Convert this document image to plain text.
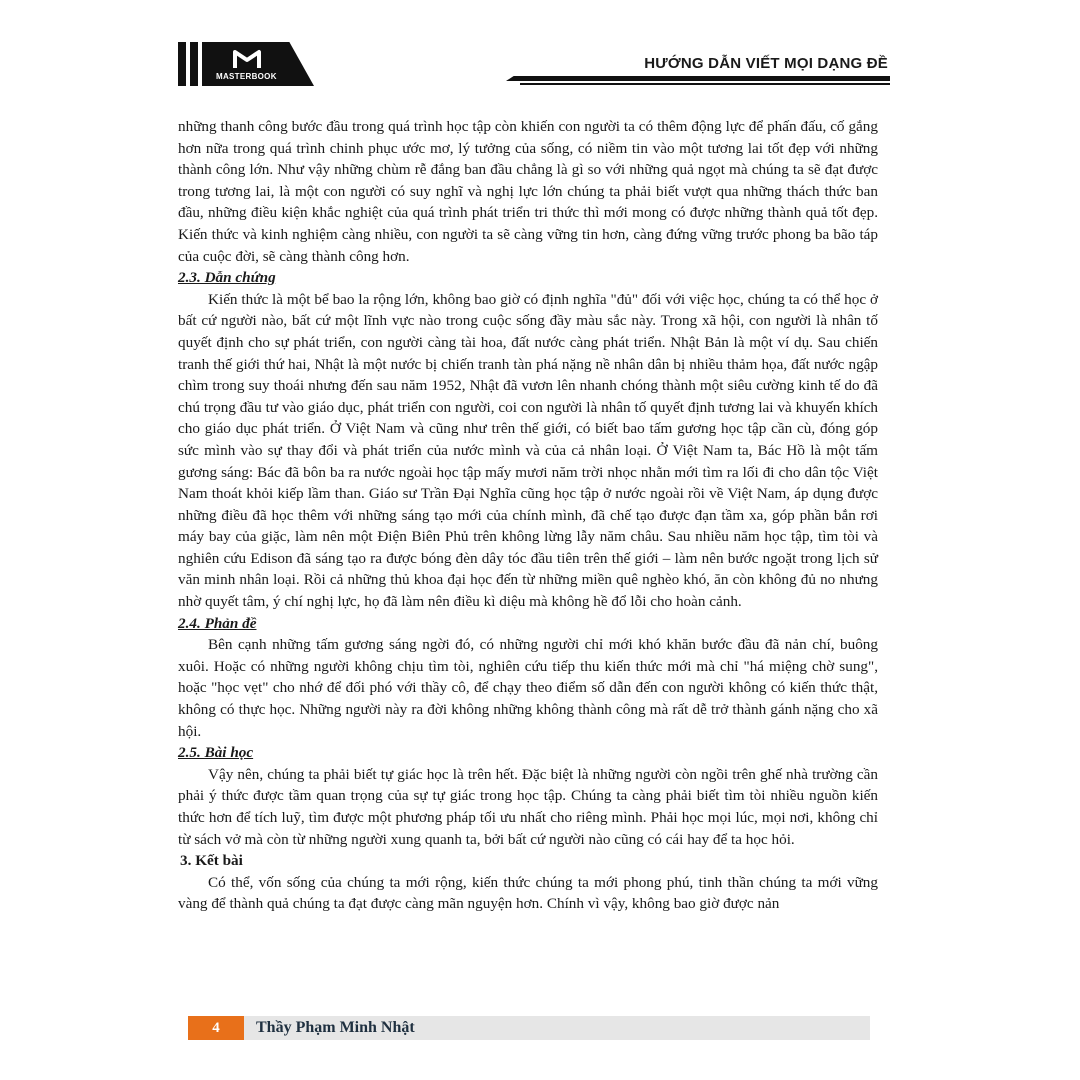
MASTERBOOK
HƯỚNG DẪN VIẾT MỌI DẠNG ĐỀ

những thanh công bước đầu trong quá trình học tập còn khiến con người ta có thêm động lực để phấn đấu, cố gắng hơn nữa trong quá trình chinh phục ước mơ, lý tưởng của sống, có niềm tin vào một tương lai tốt đẹp với những thành công lớn. Như vậy những chùm rễ đắng ban đầu chẳng là gì so với những quả ngọt mà chúng ta sẽ đạt được trong tương lai, là một con người có suy nghĩ và nghị lực lớn chúng ta phải biết vượt qua những thách thức ban đầu, những điều kiện khắc nghiệt của quá trình phát triển tri thức thì mới mong có được những thành quả tốt đẹp. Kiến thức và kinh nghiệm càng nhiều, con người ta sẽ càng vững tin hơn, càng đứng vững trước phong ba bão táp của cuộc đời, sẽ càng thành công hơn.

2.3. Dẫn chứng

Kiến thức là một bể bao la rộng lớn, không bao giờ có định nghĩa "đủ" đối với việc học, chúng ta có thể học ở bất cứ người nào, bất cứ một lĩnh vực nào trong cuộc sống đầy màu sắc này. Trong xã hội, con người là nhân tố quyết định cho sự phát triển, con người càng tài hoa, đất nước càng phát triển. Nhật Bản là một ví dụ. Sau chiến tranh thế giới thứ hai, Nhật là một nước bị chiến tranh tàn phá nặng nề nhân dân bị nhiều thảm họa, đất nước ngập chìm trong suy thoái nhưng đến sau năm 1952, Nhật đã vươn lên nhanh chóng thành một siêu cường kinh tế do đã chú trọng đầu tư vào giáo dục, phát triển con người, coi con người là nhân tố quyết định tương lai và khuyến khích cho giáo dục phát triển. Ở Việt Nam và cũng như trên thế giới, có biết bao tấm gương học tập cần cù, đóng góp sức mình vào sự thay đổi và phát triển của nước mình và của cả nhân loại. Ở Việt Nam ta, Bác Hồ là một tấm gương sáng: Bác đã bôn ba ra nước ngoài học tập mấy mươi năm trời nhọc nhằn mới tìm ra lối đi cho dân tộc Việt Nam thoát khỏi kiếp lầm than. Giáo sư Trần Đại Nghĩa cũng học tập ở nước ngoài rồi về Việt Nam, áp dụng được những điều đã học thêm với những sáng tạo mới của chính mình, đã chế tạo được đạn tầm xa, góp phần bắn rơi máy bay của giặc, làm nên một Điện Biên Phủ trên không lừng lẫy năm châu. Sau nhiều năm học tập, tìm tòi và nghiên cứu Edison đã sáng tạo ra được bóng đèn dây tóc đầu tiên trên thế giới – làm nên bước ngoặt trong lịch sử văn minh nhân loại. Rồi cả những thủ khoa đại học đến từ những miền quê nghèo khó, ăn còn không đủ no nhưng nhờ quyết tâm, ý chí nghị lực, họ đã làm nên điều kì diệu mà không hề đổ lỗi cho hoàn cảnh.

2.4. Phản đề

Bên cạnh những tấm gương sáng ngời đó, có những người chỉ mới khó khăn bước đầu đã nản chí, buông xuôi. Hoặc có những người không chịu tìm tòi, nghiên cứu tiếp thu kiến thức mới mà chỉ "há miệng chờ sung", hoặc "học vẹt" cho nhớ để đối phó với thầy cô, để chạy theo điểm số dẫn đến con người không có kiến thức thật, không có thực học. Những người này ra đời không những không thành công mà rất dễ trở thành gánh nặng cho xã hội.

2.5. Bài học

Vậy nên, chúng ta phải biết tự giác học là trên hết. Đặc biệt là những người còn ngồi trên ghế nhà trường cần phải ý thức được tầm quan trọng của sự tự giác trong học tập. Chúng ta càng phải biết tìm tòi nhiều nguồn kiến thức hơn để tích luỹ, tìm được một phương pháp tối ưu nhất cho riêng mình. Phải học mọi lúc, mọi nơi, không chỉ từ sách vở mà còn từ những người xung quanh ta, bởi bất cứ người nào cũng có cái hay để ta học hỏi.

3. Kết bài

Có thể, vốn sống của chúng ta mới rộng, kiến thức chúng ta mới phong phú, tinh thần chúng ta mới vững vàng để thành quả chúng ta đạt được càng mãn nguyện hơn. Chính vì vậy, không bao giờ được nản

4	Thầy Phạm Minh Nhật
